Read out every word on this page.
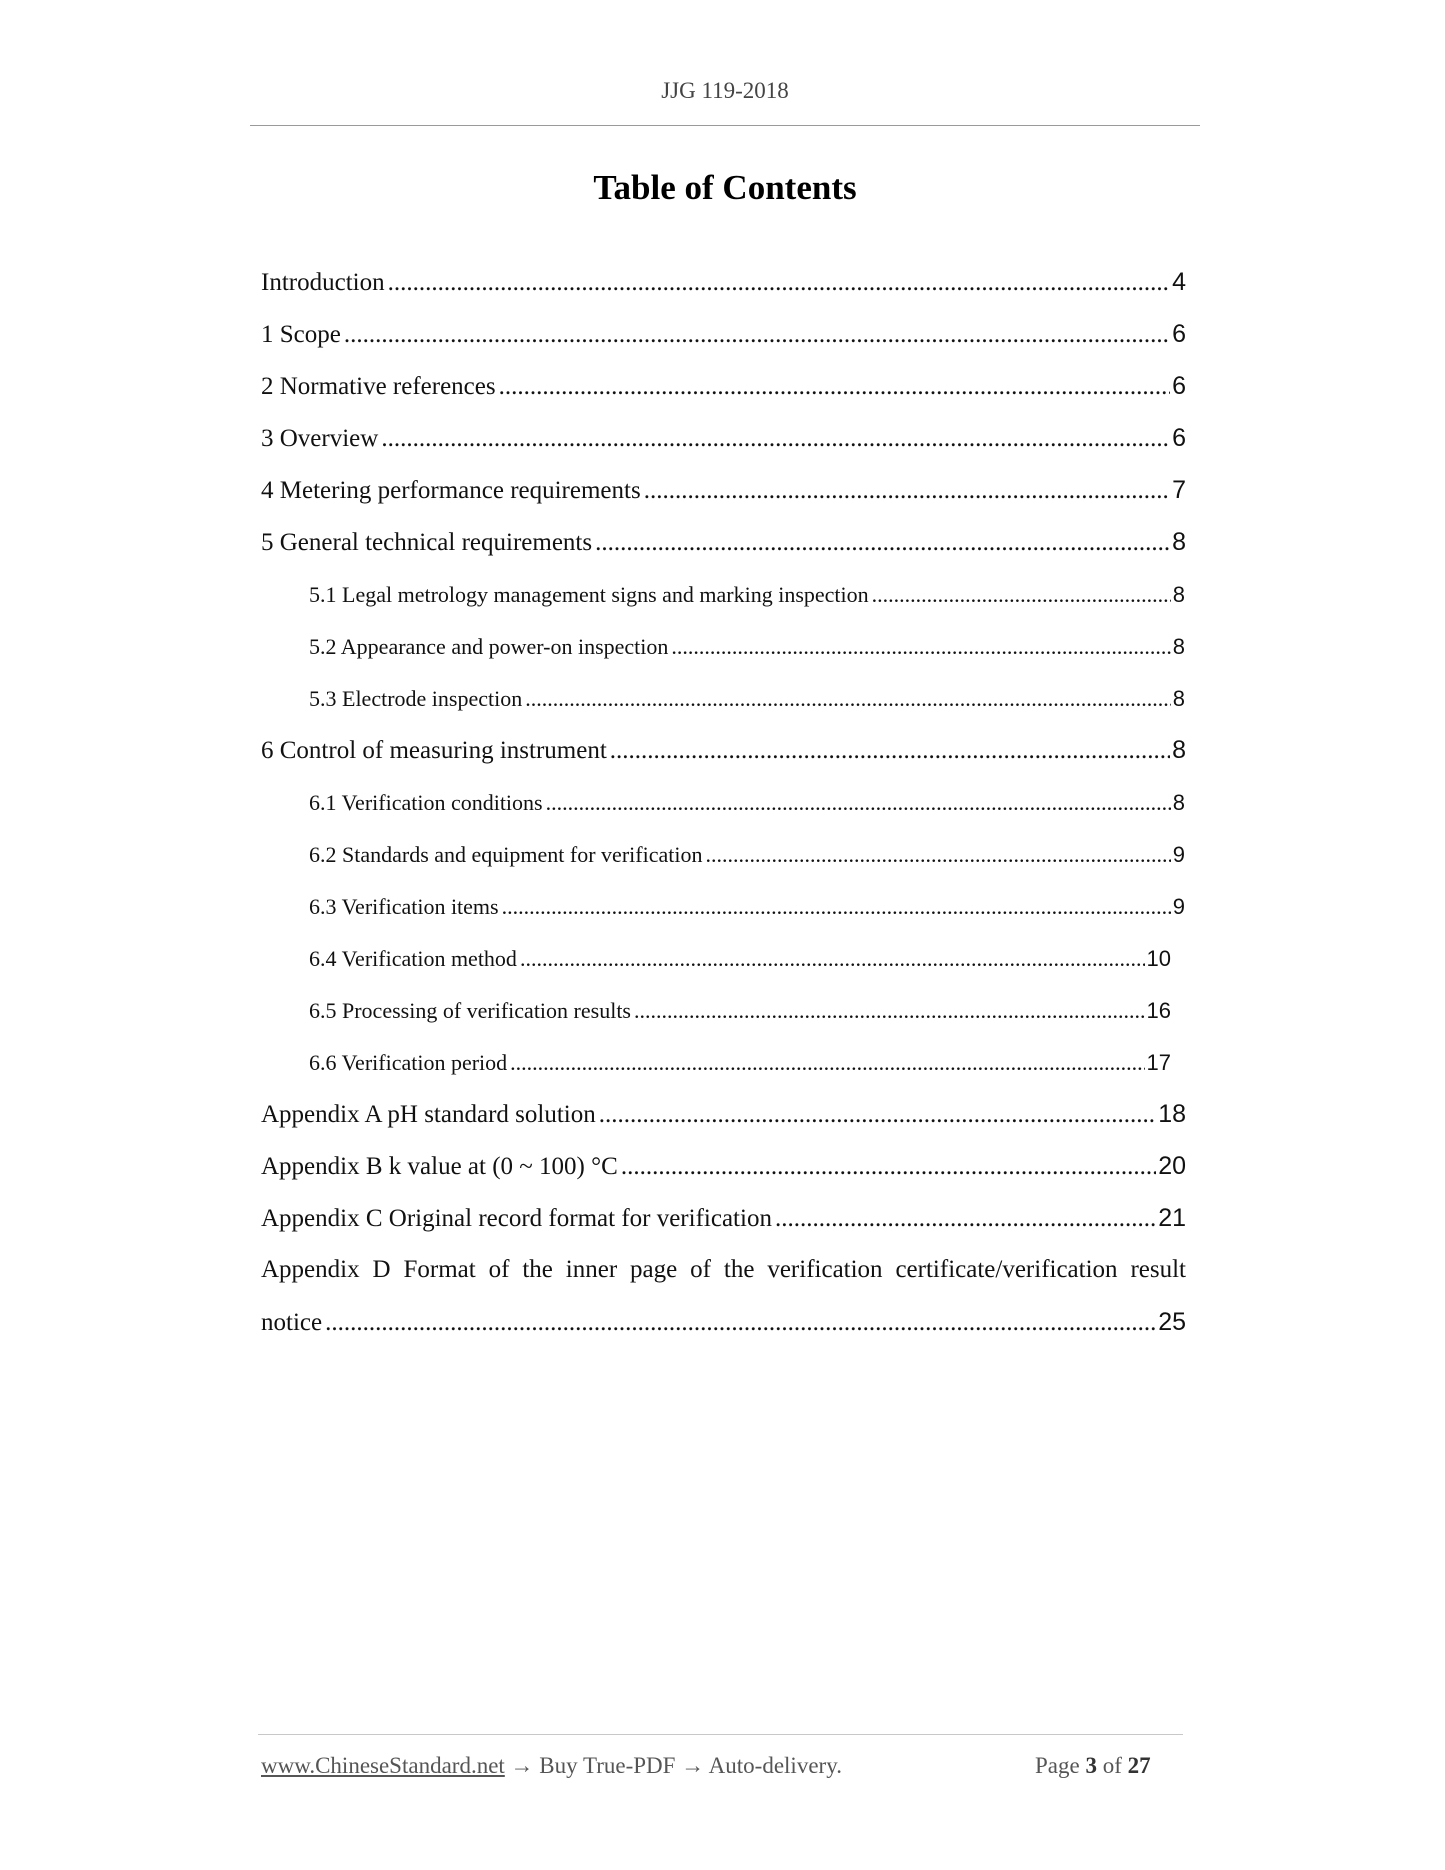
JJG 119-2018
Table of Contents
Introduction .....	4
1 Scope .....	6
2 Normative references .....	6
3 Overview .....	6
4 Metering performance requirements .....	7
5 General technical requirements .....	8
5.1 Legal metrology management signs and marking inspection .....	8
5.2 Appearance and power-on inspection .....	8
5.3 Electrode inspection .....	8
6 Control of measuring instrument .....	8
6.1 Verification conditions .....	8
6.2 Standards and equipment for verification .....	9
6.3 Verification items .....	9
6.4 Verification method .....	10
6.5 Processing of verification results .....	16
6.6 Verification period .....	17
Appendix A pH standard solution .....	18
Appendix B k value at (0 ~ 100) °C .....	20
Appendix C Original record format for verification .....	21
Appendix D Format of the inner page of the verification certificate/verification result
notice .....	25
www.ChineseStandard.net → Buy True-PDF → Auto-delivery.	Page 3 of 27
